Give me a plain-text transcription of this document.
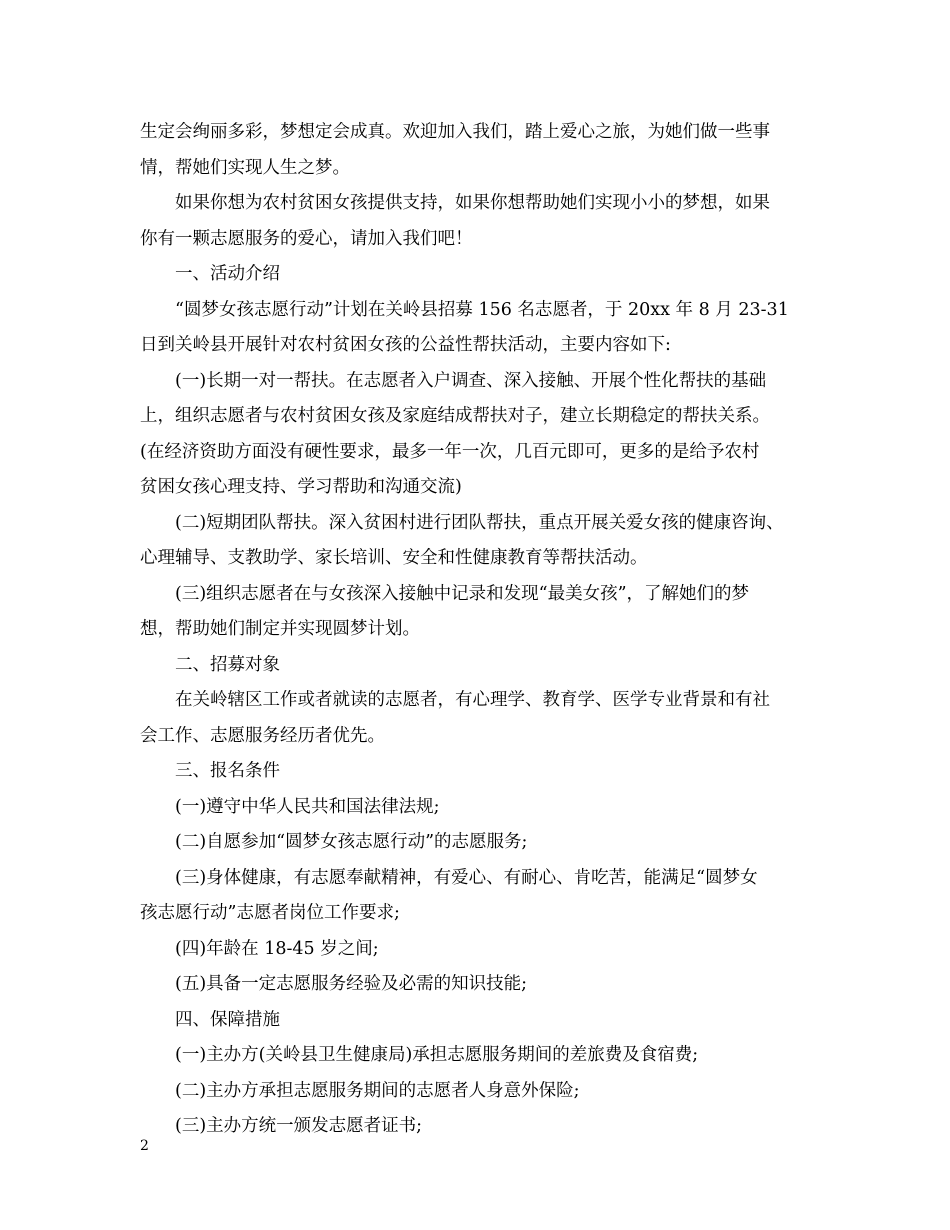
生定会绚丽多彩，梦想定会成真。欢迎加入我们，踏上爱心之旅，为她们做一些事
情，帮她们实现人生之梦。
如果你想为农村贫困女孩提供支持，如果你想帮助她们实现小小的梦想，如果
你有一颗志愿服务的爱心，请加入我们吧！
一、活动介绍
“圆梦女孩志愿行动”计划在关岭县招募 156 名志愿者，于 20xx 年 8 月 23-31
日到关岭县开展针对农村贫困女孩的公益性帮扶活动，主要内容如下:
(一)长期一对一帮扶。在志愿者入户调查、深入接触、开展个性化帮扶的基础
上，组织志愿者与农村贫困女孩及家庭结成帮扶对子，建立长期稳定的帮扶关系。
(在经济资助方面没有硬性要求，最多一年一次，几百元即可，更多的是给予农村
贫困女孩心理支持、学习帮助和沟通交流)
(二)短期团队帮扶。深入贫困村进行团队帮扶，重点开展关爱女孩的健康咨询、
心理辅导、支教助学、家长培训、安全和性健康教育等帮扶活动。
(三)组织志愿者在与女孩深入接触中记录和发现“最美女孩”，了解她们的梦
想，帮助她们制定并实现圆梦计划。
二、招募对象
在关岭辖区工作或者就读的志愿者，有心理学、教育学、医学专业背景和有社
会工作、志愿服务经历者优先。
三、报名条件
(一)遵守中华人民共和国法律法规;
(二)自愿参加“圆梦女孩志愿行动”的志愿服务;
(三)身体健康，有志愿奉献精神，有爱心、有耐心、肯吃苦，能满足“圆梦女
孩志愿行动”志愿者岗位工作要求;
(四)年龄在 18-45 岁之间;
(五)具备一定志愿服务经验及必需的知识技能;
四、保障措施
(一)主办方(关岭县卫生健康局)承担志愿服务期间的差旅费及食宿费;
(二)主办方承担志愿服务期间的志愿者人身意外保险;
(三)主办方统一颁发志愿者证书;
2
